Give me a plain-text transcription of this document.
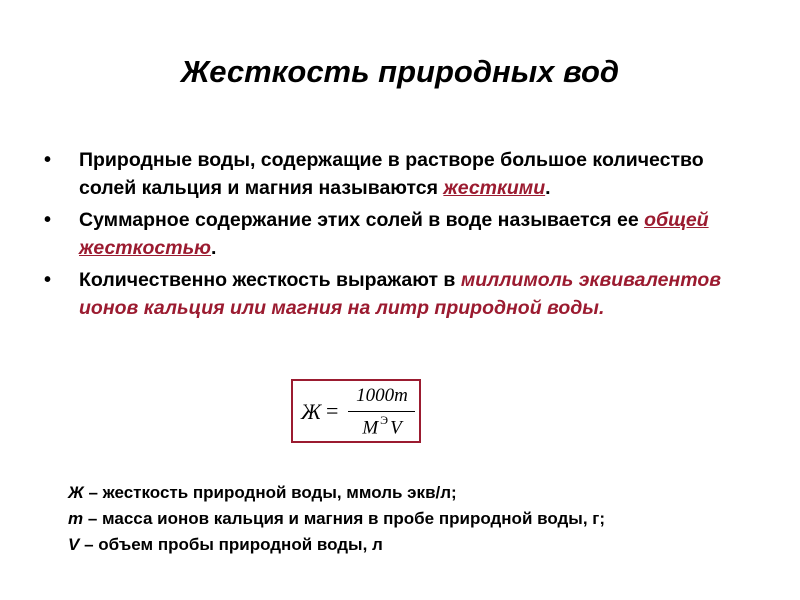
Жесткость природных вод
• Природные воды, содержащие в растворе большое количество солей кальция и магния называются жесткими.
• Суммарное содержание этих солей в воде называется ее общей жесткостью.
• Количественно жесткость выражают в миллимоль эквивалентов ионов кальция или магния на литр природной воды.
Ж =
1000m
M $^Э$ V
Ж – жесткость природной воды, ммоль экв/л;
m – масса ионов кальция и магния в пробе природной воды, г;
V – объем пробы природной воды, л
